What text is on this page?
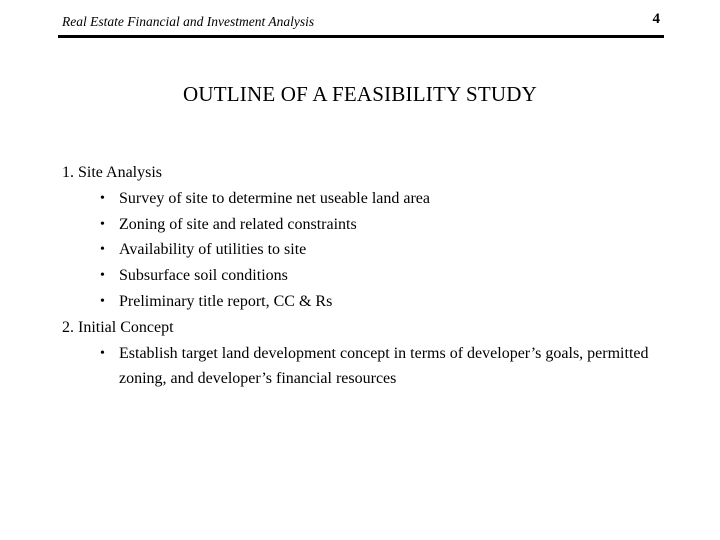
Real Estate Financial and Investment Analysis	4
OUTLINE OF A FEASIBILITY STUDY
1. Site Analysis
• Survey of site to determine net useable land area
• Zoning of site and related constraints
• Availability of utilities to site
• Subsurface soil conditions
• Preliminary title report, CC & Rs
2. Initial Concept
• Establish target land development concept in terms of developer’s goals, permitted zoning, and developer’s financial resources
